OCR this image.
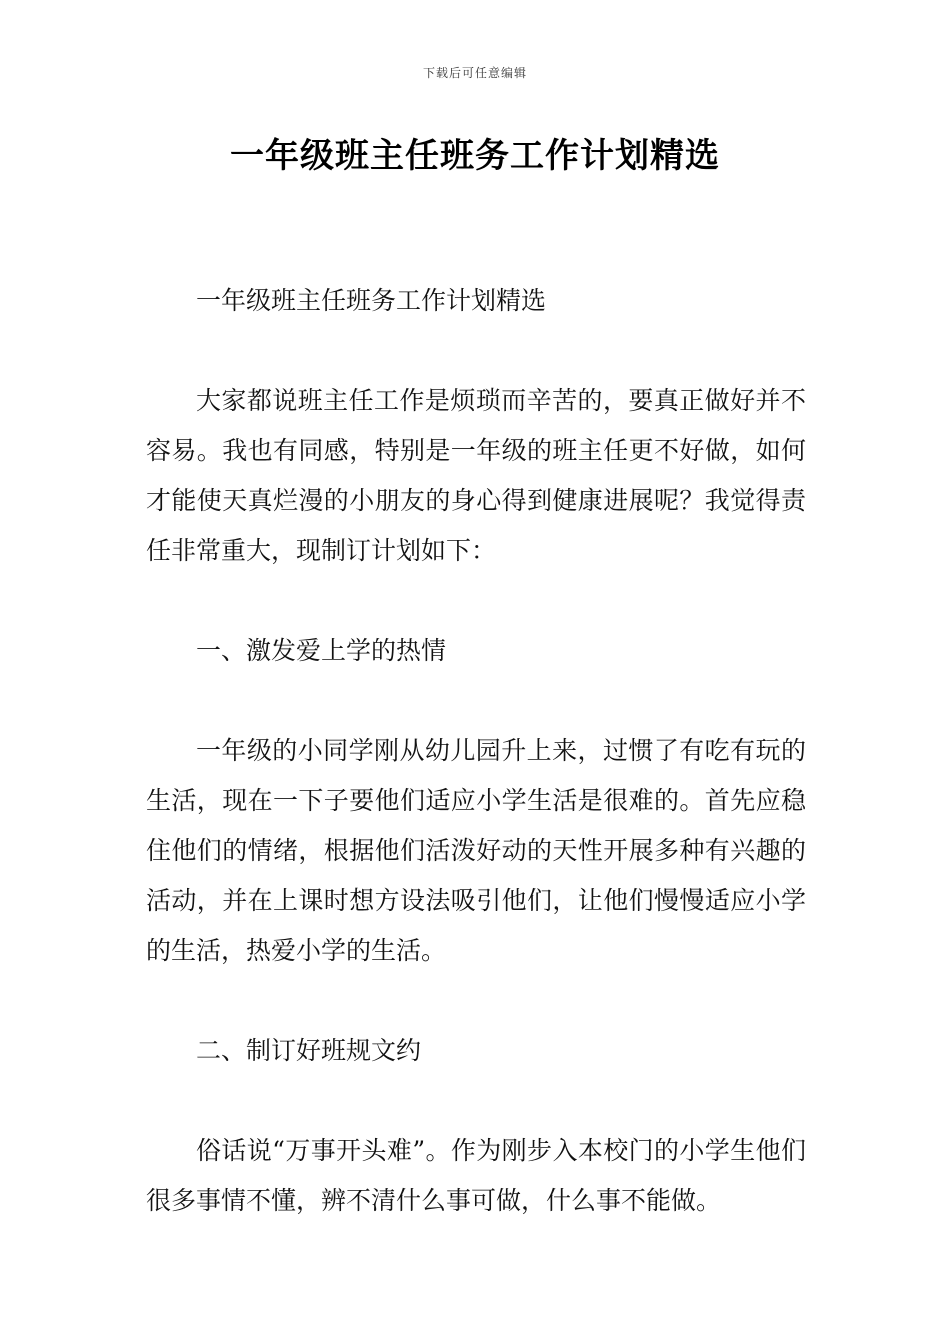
下载后可任意编辑
一年级班主任班务工作计划精选

一年级班主任班务工作计划精选

大家都说班主任工作是烦琐而辛苦的，要真正做好并不容易。我也有同感，特别是一年级的班主任更不好做，如何才能使天真烂漫的小朋友的身心得到健康进展呢？我觉得责任非常重大，现制订计划如下：

一、激发爱上学的热情

一年级的小同学刚从幼儿园升上来，过惯了有吃有玩的生活，现在一下子要他们适应小学生活是很难的。首先应稳住他们的情绪，根据他们活泼好动的天性开展多种有兴趣的活动，并在上课时想方设法吸引他们，让他们慢慢适应小学的生活，热爱小学的生活。

二、制订好班规文约

俗话说“万事开头难”。作为刚步入本校门的小学生他们很多事情不懂，辨不清什么事可做，什么事不能做。
